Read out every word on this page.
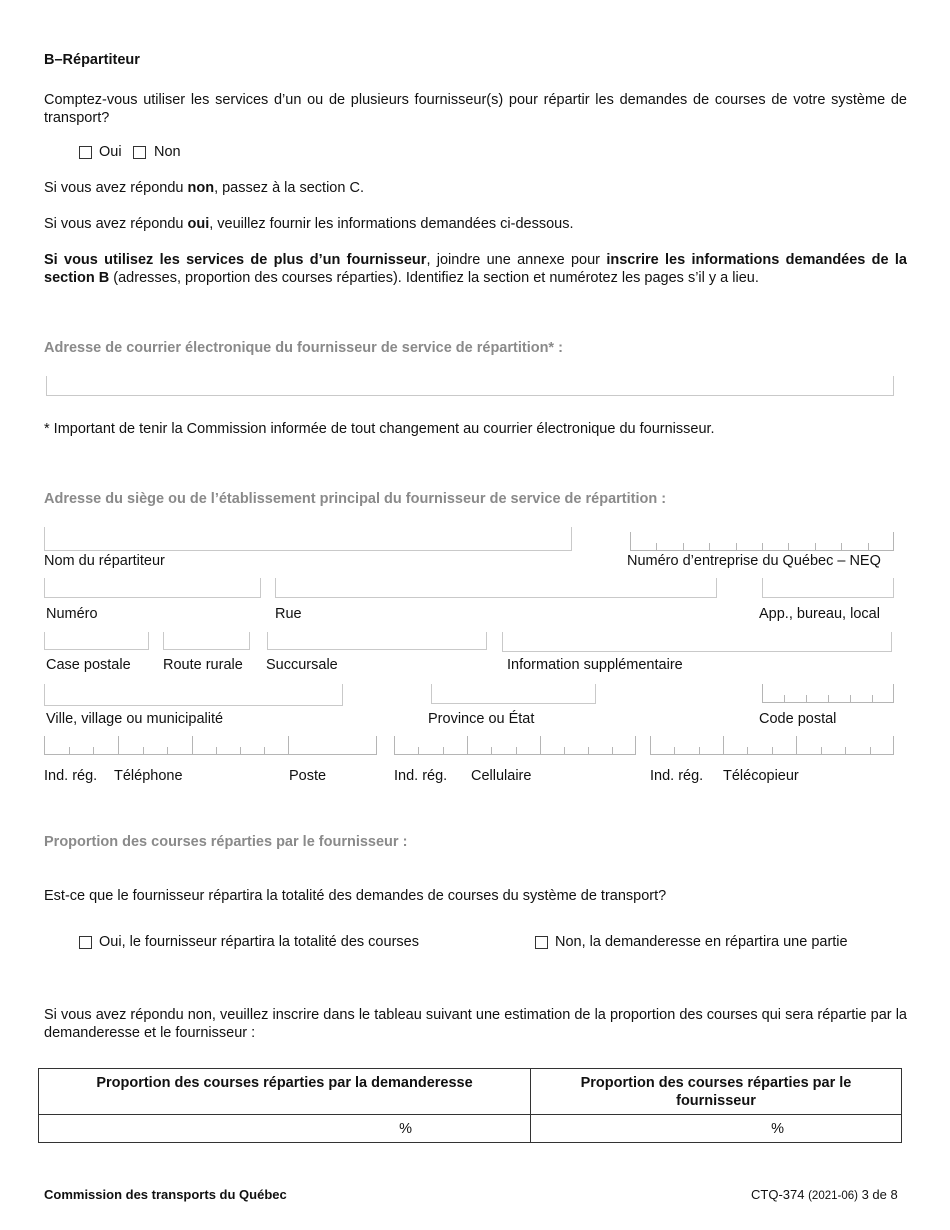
B–Répartiteur
Comptez-vous utiliser les services d’un ou de plusieurs fournisseur(s) pour répartir les demandes de courses de votre système de transport?
Oui Non
Si vous avez répondu non, passez à la section C.
Si vous avez répondu oui, veuillez fournir les informations demandées ci-dessous.
Si vous utilisez les services de plus d’un fournisseur, joindre une annexe pour inscrire les informations demandées de la section B (adresses, proportion des courses réparties). Identifiez la section et numérotez les pages s’il y a lieu.
Adresse de courrier électronique du fournisseur de service de répartition* :
* Important de tenir la Commission informée de tout changement au courrier électronique du fournisseur.
Adresse du siège ou de l’établissement principal du fournisseur de service de répartition :
Nom du répartiteur	Numéro d’entreprise du Québec – NEQ
Numéro	Rue	App., bureau, local
Case postale Route rurale Succursale	Information supplémentaire
Ville, village ou municipalité	Province ou État	Code postal
Ind. rég. Téléphone	Poste	Ind. rég. Cellulaire	Ind. rég. Télécopieur
Proportion des courses réparties par le fournisseur :
Est-ce que le fournisseur répartira la totalité des demandes de courses du système de transport?
Oui, le fournisseur répartira la totalité des courses	Non, la demanderesse en répartira une partie
Si vous avez répondu non, veuillez inscrire dans le tableau suivant une estimation de la proportion des courses qui sera répartie par la demanderesse et le fournisseur :
Proportion des courses réparties par la demanderesse	Proportion des courses réparties par le fournisseur
%	%
Commission des transports du Québec	CTQ-374 (2021-06) 3 de 8
